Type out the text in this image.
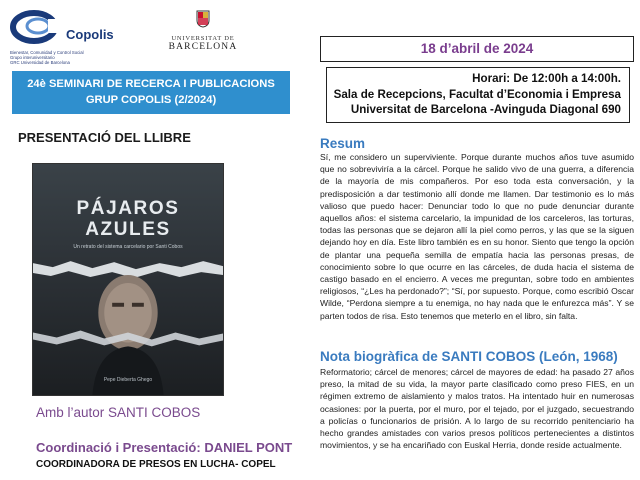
Copolis
Bienestar, Comunidad y Control Social
Grupo interuniversitario
GRC Universidad de Barcelona
UNIVERSITAT DE
BARCELONA
24è SEMINARI DE RECERCA I PUBLICACIONS
GRUP COPOLIS (2/2024)
PRESENTACIÓ DEL LLIBRE
PÁJAROS
AZULES
Un retrato del sistema carcelario por Santi Cobos
Pepe Dieberta Ghego
Amb l’autor SANTI COBOS
Coordinació i Presentació: DANIEL PONT
COORDINADORA DE PRESOS EN LUCHA- COPEL
18 d’abril de 2024
Horari: De 12:00h a 14:00h.
Sala de Recepcions, Facultat d’Economia i Empresa
Universitat de Barcelona -Avinguda Diagonal 690
Resum
Sí, me considero un superviviente. Porque durante muchos años tuve asumido que no sobreviviría a la cárcel. Porque he salido vivo de una guerra, a diferencia de la mayoría de mis compañeros. Por eso toda esta conversación, y la predisposición a dar testimonio allí donde me llamen. Dar testimonio es lo más valioso que puedo hacer: Denunciar todo lo que no pude denunciar durante aquellos años: el sistema carcelario, la impunidad de los carceleros, las torturas, todas las personas que se dejaron allí la piel como perros, y las que se la siguen dejando hoy en día. Este libro también es en su honor. Siento que tengo la opción de plantar una pequeña semilla de empatía hacia las personas presas, de conocimiento sobre lo que ocurre en las cárceles, de duda hacia el sistema de castigo basado en el encierro. A veces me preguntan, sobre todo en ambientes religiosos, “¿Les ha perdonado?”; “Sí, por supuesto. Porque, como escribió Oscar Wilde, “Perdona siempre a tu enemiga, no hay nada que le enfurezca más”. Y se parten todos de risa. Esto tenemos que meterlo en el libro, sin falta.
Nota biogràfica de SANTI COBOS (León, 1968)
Reformatorio; cárcel de menores; cárcel de mayores de edad: ha pasado 27 años preso, la mitad de su vida, la mayor parte clasificado como preso FIES, en un régimen extremo de aislamiento y malos tratos. Ha intentado huir en numerosas ocasiones: por la puerta, por el muro, por el tejado, por el juzgado, secuestrando a policías o funcionarios de prisión. A lo largo de su recorrido penitenciario ha hecho grandes amistades con varios presos políticos pertenecientes a distintos movimientos, y se ha encariñado con Euskal Herria, donde reside actualmente.
